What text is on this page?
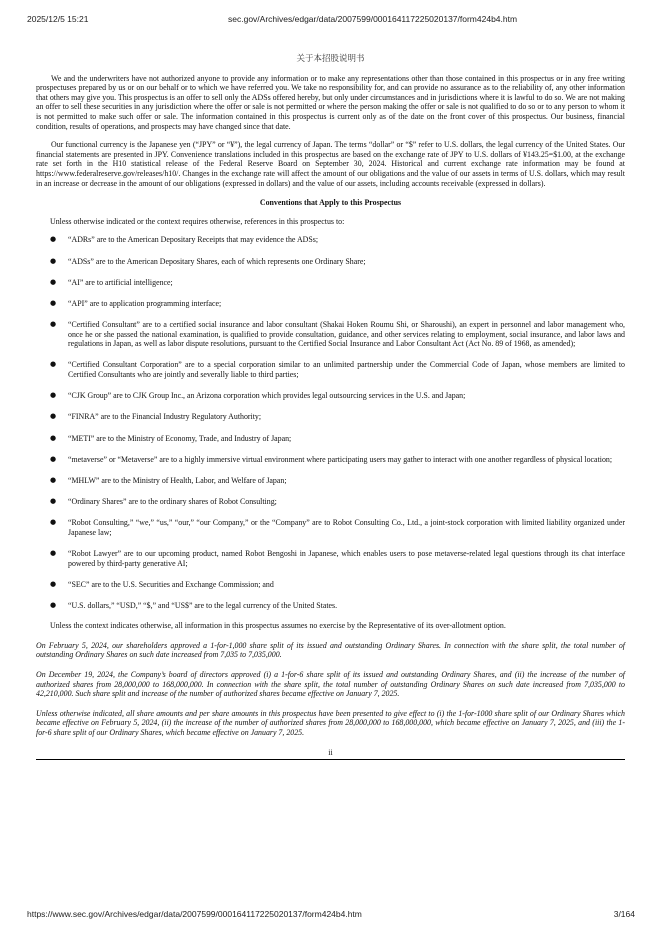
2025/12/5 15:21	sec.gov/Archives/edgar/data/2007599/000164117225020137/form424b4.htm
关于本招股说明书

We and the underwriters have not authorized anyone to provide any information or to make any representations other than those contained in this prospectus or in any free writing prospectuses prepared by us or on our behalf or to which we have referred you. We take no responsibility for, and can provide no assurance as to the reliability of, any other information that others may give you. This prospectus is an offer to sell only the ADSs offered hereby, but only under circumstances and in jurisdictions where it is lawful to do so. We are not making an offer to sell these securities in any jurisdiction where the offer or sale is not permitted or where the person making the offer or sale is not qualified to do so or to any person to whom it is not permitted to make such offer or sale. The information contained in this prospectus is current only as of the date on the front cover of this prospectus. Our business, financial condition, results of operations, and prospects may have changed since that date.

Our functional currency is the Japanese yen (“JPY” or “¥”), the legal currency of Japan. The terms “dollar” or “$” refer to U.S. dollars, the legal currency of the United States. Our financial statements are presented in JPY. Convenience translations included in this prospectus are based on the exchange rate of JPY to U.S. dollars of ¥143.25=$1.00, at the exchange rate set forth in the H10 statistical release of the Federal Reserve Board on September 30, 2024. Historical and current exchange rate information may be found at https://www.federalreserve.gov/releases/h10/. Changes in the exchange rate will affect the amount of our obligations and the value of our assets in terms of U.S. dollars, which may result in an increase or decrease in the amount of our obligations (expressed in dollars) and the value of our assets, including accounts receivable (expressed in dollars).

Conventions that Apply to this Prospectus

Unless otherwise indicated or the context requires otherwise, references in this prospectus to:

● “ADRs” are to the American Depositary Receipts that may evidence the ADSs;
● “ADSs” are to the American Depositary Shares, each of which represents one Ordinary Share;
● “AI” are to artificial intelligence;
● “API” are to application programming interface;
● “Certified Consultant” are to a certified social insurance and labor consultant (Shakai Hoken Roumu Shi, or Sharoushi), an expert in personnel and labor management who, once he or she passed the national examination, is qualified to provide consultation, guidance, and other services relating to employment, social insurance, and labor laws and regulations in Japan, as well as labor dispute resolutions, pursuant to the Certified Social Insurance and Labor Consultant Act (Act No. 89 of 1968, as amended);
● “Certified Consultant Corporation” are to a special corporation similar to an unlimited partnership under the Commercial Code of Japan, whose members are limited to Certified Consultants who are jointly and severally liable to third parties;
● “CJK Group” are to CJK Group Inc., an Arizona corporation which provides legal outsourcing services in the U.S. and Japan;
● “FINRA” are to the Financial Industry Regulatory Authority;
● “METI” are to the Ministry of Economy, Trade, and Industry of Japan;
● “metaverse” or “Metaverse” are to a highly immersive virtual environment where participating users may gather to interact with one another regardless of physical location;
● “MHLW” are to the Ministry of Health, Labor, and Welfare of Japan;
● “Ordinary Shares” are to the ordinary shares of Robot Consulting;
● “Robot Consulting,” “we,” “us,” “our,” “our Company,” or the “Company” are to Robot Consulting Co., Ltd., a joint-stock corporation with limited liability organized under Japanese law;
● “Robot Lawyer” are to our upcoming product, named Robot Bengoshi in Japanese, which enables users to pose metaverse-related legal questions through its chat interface powered by third-party generative AI;
● “SEC” are to the U.S. Securities and Exchange Commission; and
● “U.S. dollars,” “USD,” “$,” and “US$” are to the legal currency of the United States.

Unless the context indicates otherwise, all information in this prospectus assumes no exercise by the Representative of its over-allotment option.

On February 5, 2024, our shareholders approved a 1-for-1,000 share split of its issued and outstanding Ordinary Shares. In connection with the share split, the total number of outstanding Ordinary Shares on such date increased from 7,035 to 7,035,000.

On December 19, 2024, the Company’s board of directors approved (i) a 1-for-6 share split of its issued and outstanding Ordinary Shares, and (ii) the increase of the number of authorized shares from 28,000,000 to 168,000,000. In connection with the share split, the total number of outstanding Ordinary Shares on such date increased from 7,035,000 to 42,210,000. Such share split and increase of the number of authorized shares became effective on January 7, 2025.

Unless otherwise indicated, all share amounts and per share amounts in this prospectus have been presented to give effect to (i) the 1-for-1000 share split of our Ordinary Shares which became effective on February 5, 2024, (ii) the increase of the number of authorized shares from 28,000,000 to 168,000,000, which became effective on January 7, 2025, and (iii) the 1-for-6 share split of our Ordinary Shares, which became effective on January 7, 2025.

ii
https://www.sec.gov/Archives/edgar/data/2007599/000164117225020137/form424b4.htm	3/164
